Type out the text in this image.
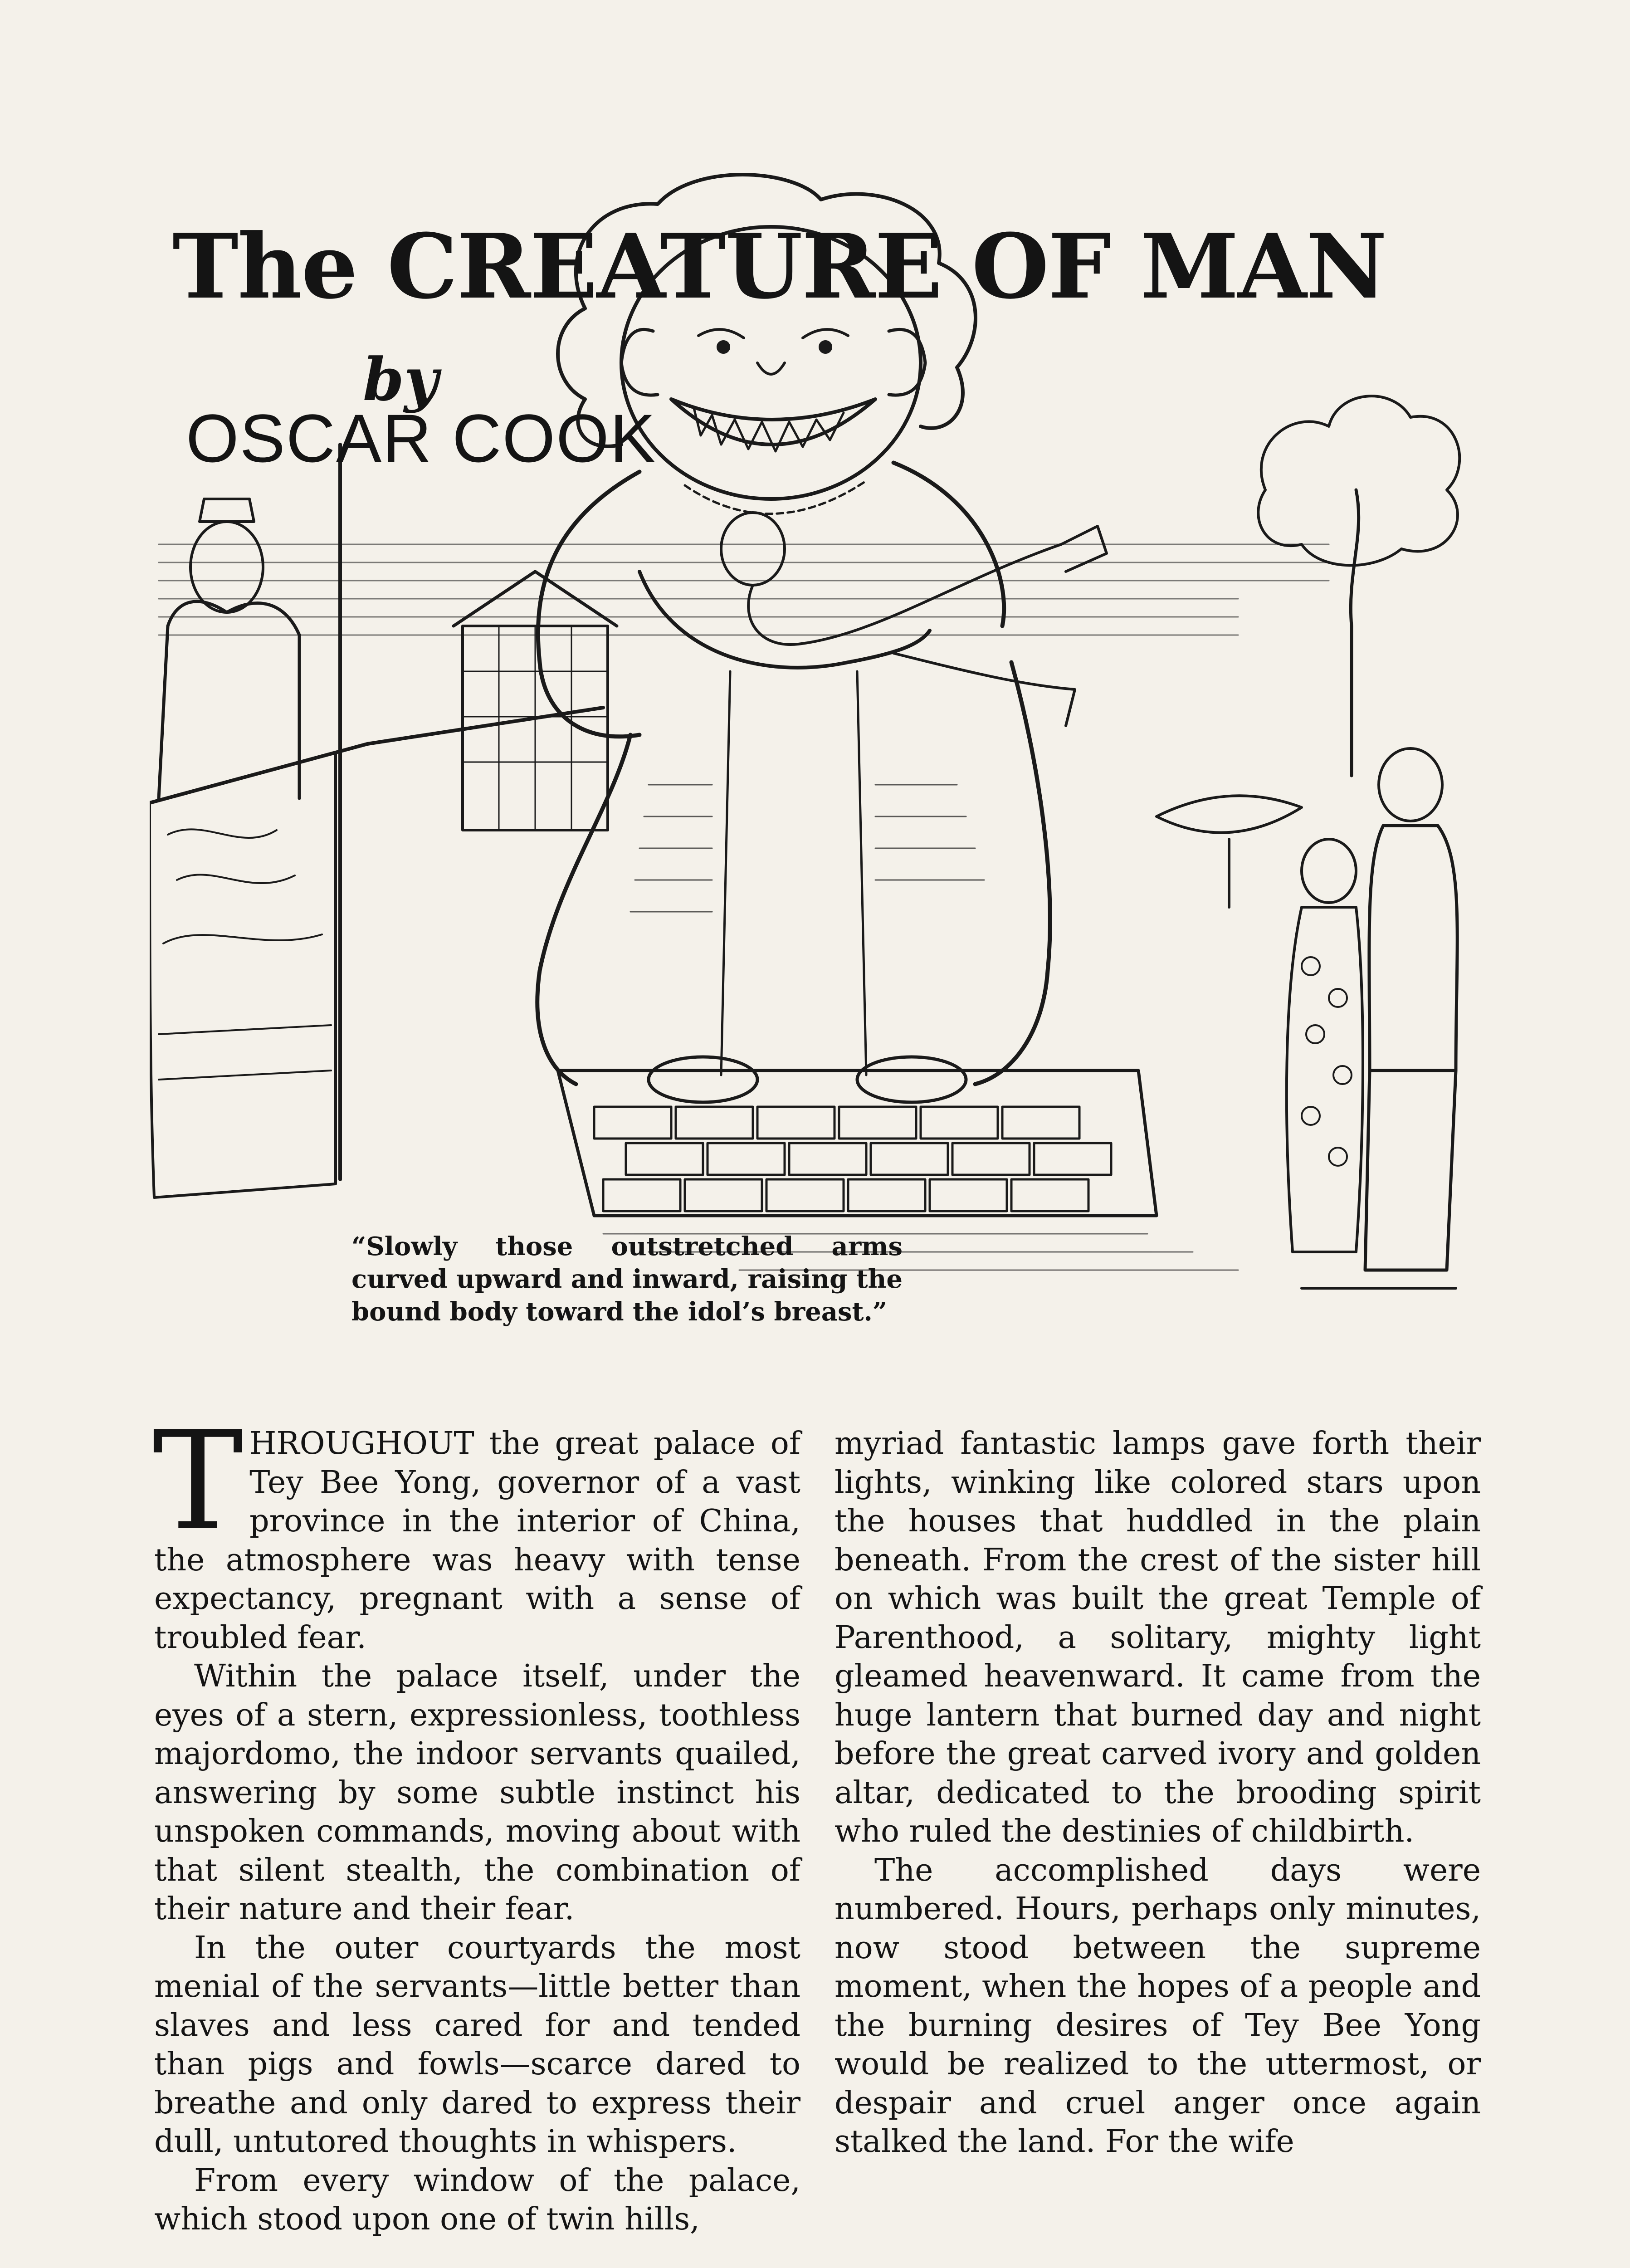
The CREATURE OF MAN
by
OSCAR COOK
“Slowly those outstretched arms curved upward and inward, raising the bound body toward the idol’s breast.”

THROUGHOUT the great palace of Tey Bee Yong, governor of a vast province in the interior of China, the atmosphere was heavy with tense expectancy, pregnant with a sense of troubled fear.

Within the palace itself, under the eyes of a stern, expressionless, toothless majordomo, the indoor servants quailed, answering by some subtle instinct his unspoken commands, moving about with that silent stealth, the combination of their nature and their fear.

In the outer courtyards the most menial of the servants—little better than slaves and less cared for and tended than pigs and fowls—scarce dared to breathe and only dared to express their dull, untutored thoughts in whispers.

From every window of the palace, which stood upon one of twin hills,

myriad fantastic lamps gave forth their lights, winking like colored stars upon the houses that huddled in the plain beneath. From the crest of the sister hill on which was built the great Temple of Parenthood, a solitary, mighty light gleamed heavenward. It came from the huge lantern that burned day and night before the great carved ivory and golden altar, dedicated to the brooding spirit who ruled the destinies of childbirth.

The accomplished days were numbered. Hours, perhaps only minutes, now stood between the supreme moment, when the hopes of a people and the burning desires of Tey Bee Yong would be realized to the uttermost, or despair and cruel anger once again stalked the land. For the wife
